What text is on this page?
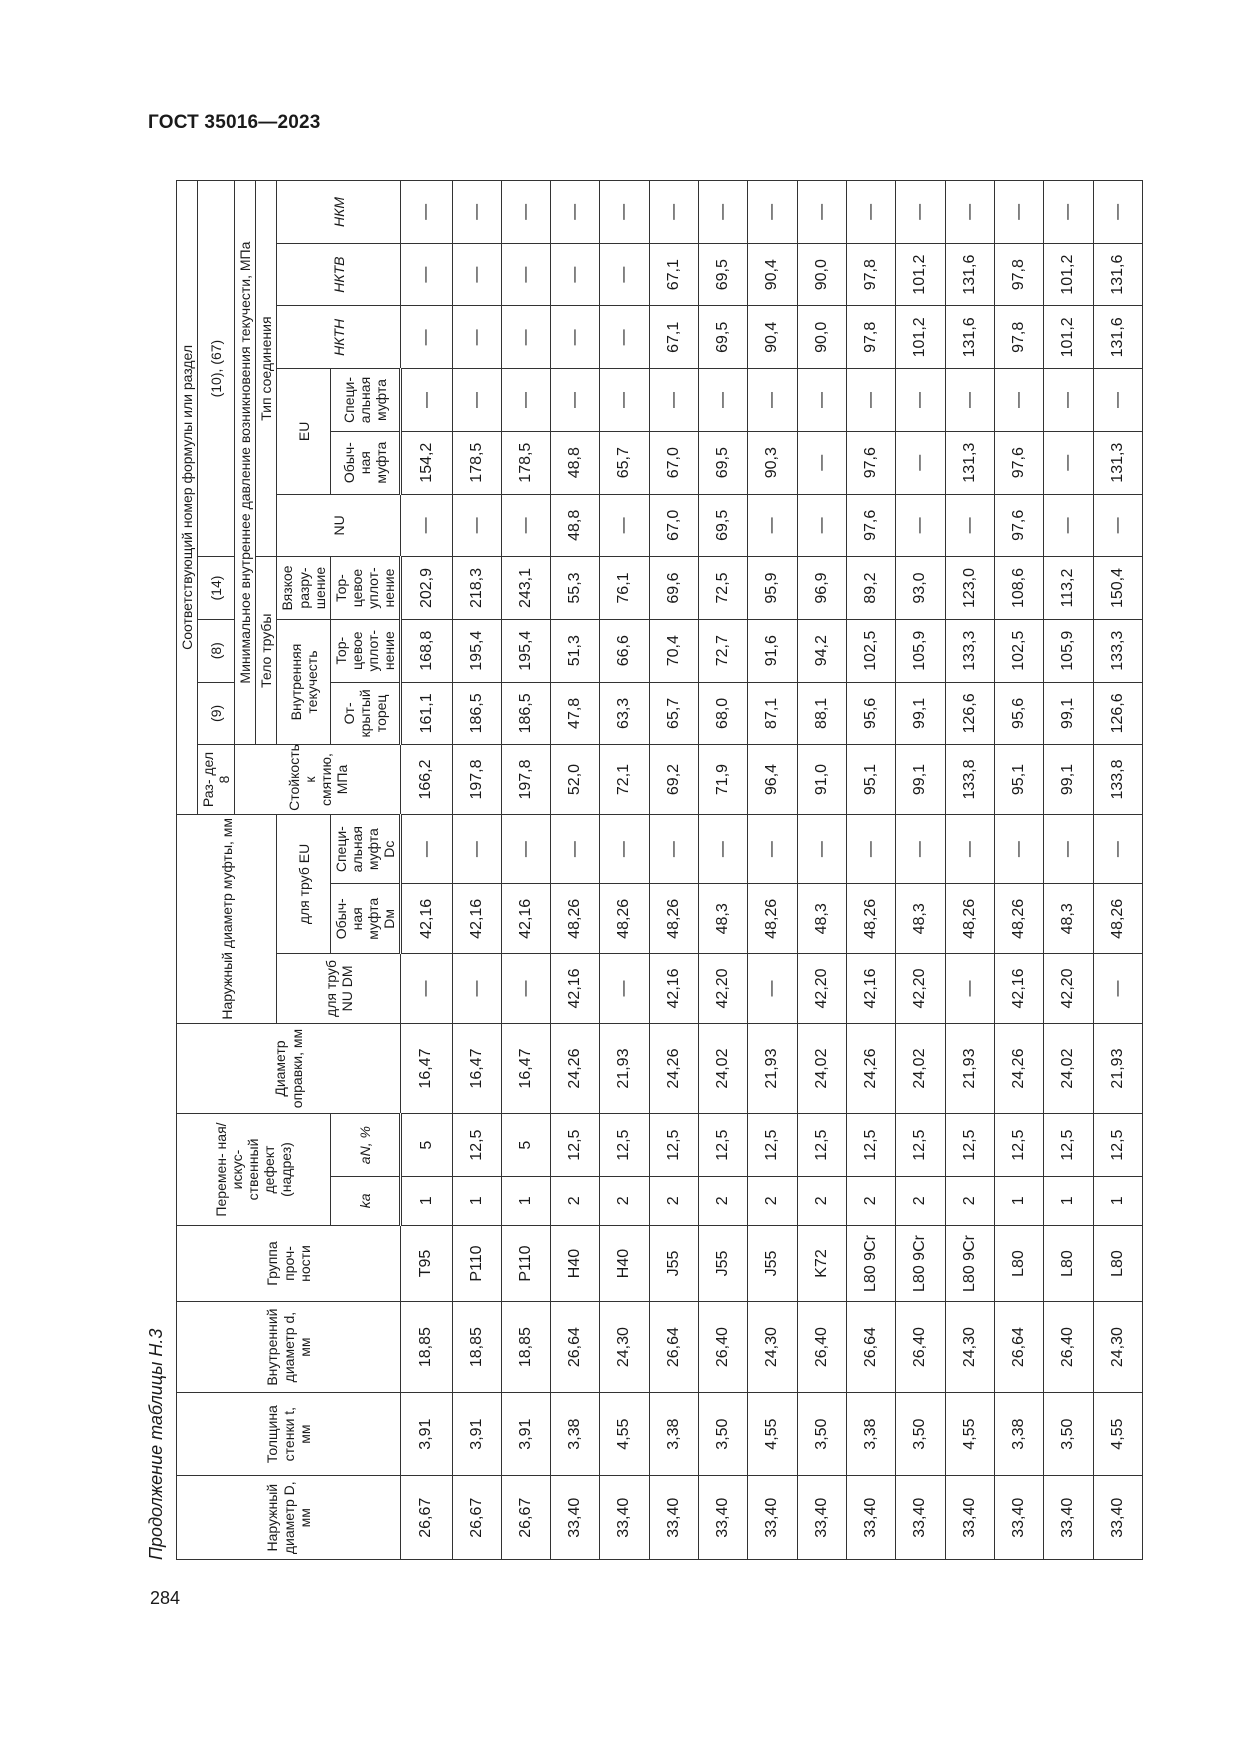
ГОСТ 35016—2023
Продолжение таблицы Н.3
284
Наружный диаметр D, мм	Толщина стенки t, мм	Внутренний диаметр d, мм	Группа проч- ности	Перемен- ная/искус- ственный дефект (надрез)		Диаметр оправки, мм	Наружный диаметр муфты, мм			Соответствующий номер формулы или раздел									
										Раз- дел 8	(9)	(8)	(14)	(10), (67)					
										Стойкость к смятию, МПа	Минимальное внутреннее давление возникновения текучести, МПа								
											Тело трубы			Тип соединения					
							для труб NU DM	для труб EU			Внутренняя текучесть		Вязкое разру- шение	NU	EU		НКТН	НКТВ	НКМ
				ka	aN, %			Обыч- ная муфта Dм	Специ- альная муфта Dc		От- крытый торец	Тор- цевое уплот- нение	Тор- цевое уплот- нение		Обыч- ная муфта	Специ- альная муфта			
26,67	3,91	18,85	T95	1	5	16,47	—	42,16	—	166,2	161,1	168,8	202,9	—	154,2	—	—	—	—
26,67	3,91	18,85	P110	1	12,5	16,47	—	42,16	—	197,8	186,5	195,4	218,3	—	178,5	—	—	—	—
26,67	3,91	18,85	P110	1	5	16,47	—	42,16	—	197,8	186,5	195,4	243,1	—	178,5	—	—	—	—
33,40	3,38	26,64	H40	2	12,5	24,26	42,16	48,26	—	52,0	47,8	51,3	55,3	48,8	48,8	—	—	—	—
33,40	4,55	24,30	H40	2	12,5	21,93	—	48,26	—	72,1	63,3	66,6	76,1	—	65,7	—	—	—	—
33,40	3,38	26,64	J55	2	12,5	24,26	42,16	48,26	—	69,2	65,7	70,4	69,6	67,0	67,0	—	67,1	67,1	—
33,40	3,50	26,40	J55	2	12,5	24,02	42,20	48,3	—	71,9	68,0	72,7	72,5	69,5	69,5	—	69,5	69,5	—
33,40	4,55	24,30	J55	2	12,5	21,93	—	48,26	—	96,4	87,1	91,6	95,9	—	90,3	—	90,4	90,4	—
33,40	3,50	26,40	K72	2	12,5	24,02	42,20	48,3	—	91,0	88,1	94,2	96,9	—	—	—	90,0	90,0	—
33,40	3,38	26,64	L80 9Cr	2	12,5	24,26	42,16	48,26	—	95,1	95,6	102,5	89,2	97,6	97,6	—	97,8	97,8	—
33,40	3,50	26,40	L80 9Cr	2	12,5	24,02	42,20	48,3	—	99,1	99,1	105,9	93,0	—	—	—	101,2	101,2	—
33,40	4,55	24,30	L80 9Cr	2	12,5	21,93	—	48,26	—	133,8	126,6	133,3	123,0	—	131,3	—	131,6	131,6	—
33,40	3,38	26,64	L80	1	12,5	24,26	42,16	48,26	—	95,1	95,6	102,5	108,6	97,6	97,6	—	97,8	97,8	—
33,40	3,50	26,40	L80	1	12,5	24,02	42,20	48,3	—	99,1	99,1	105,9	113,2	—	—	—	101,2	101,2	—
33,40	4,55	24,30	L80	1	12,5	21,93	—	48,26	—	133,8	126,6	133,3	150,4	—	131,3	—	131,6	131,6	—
